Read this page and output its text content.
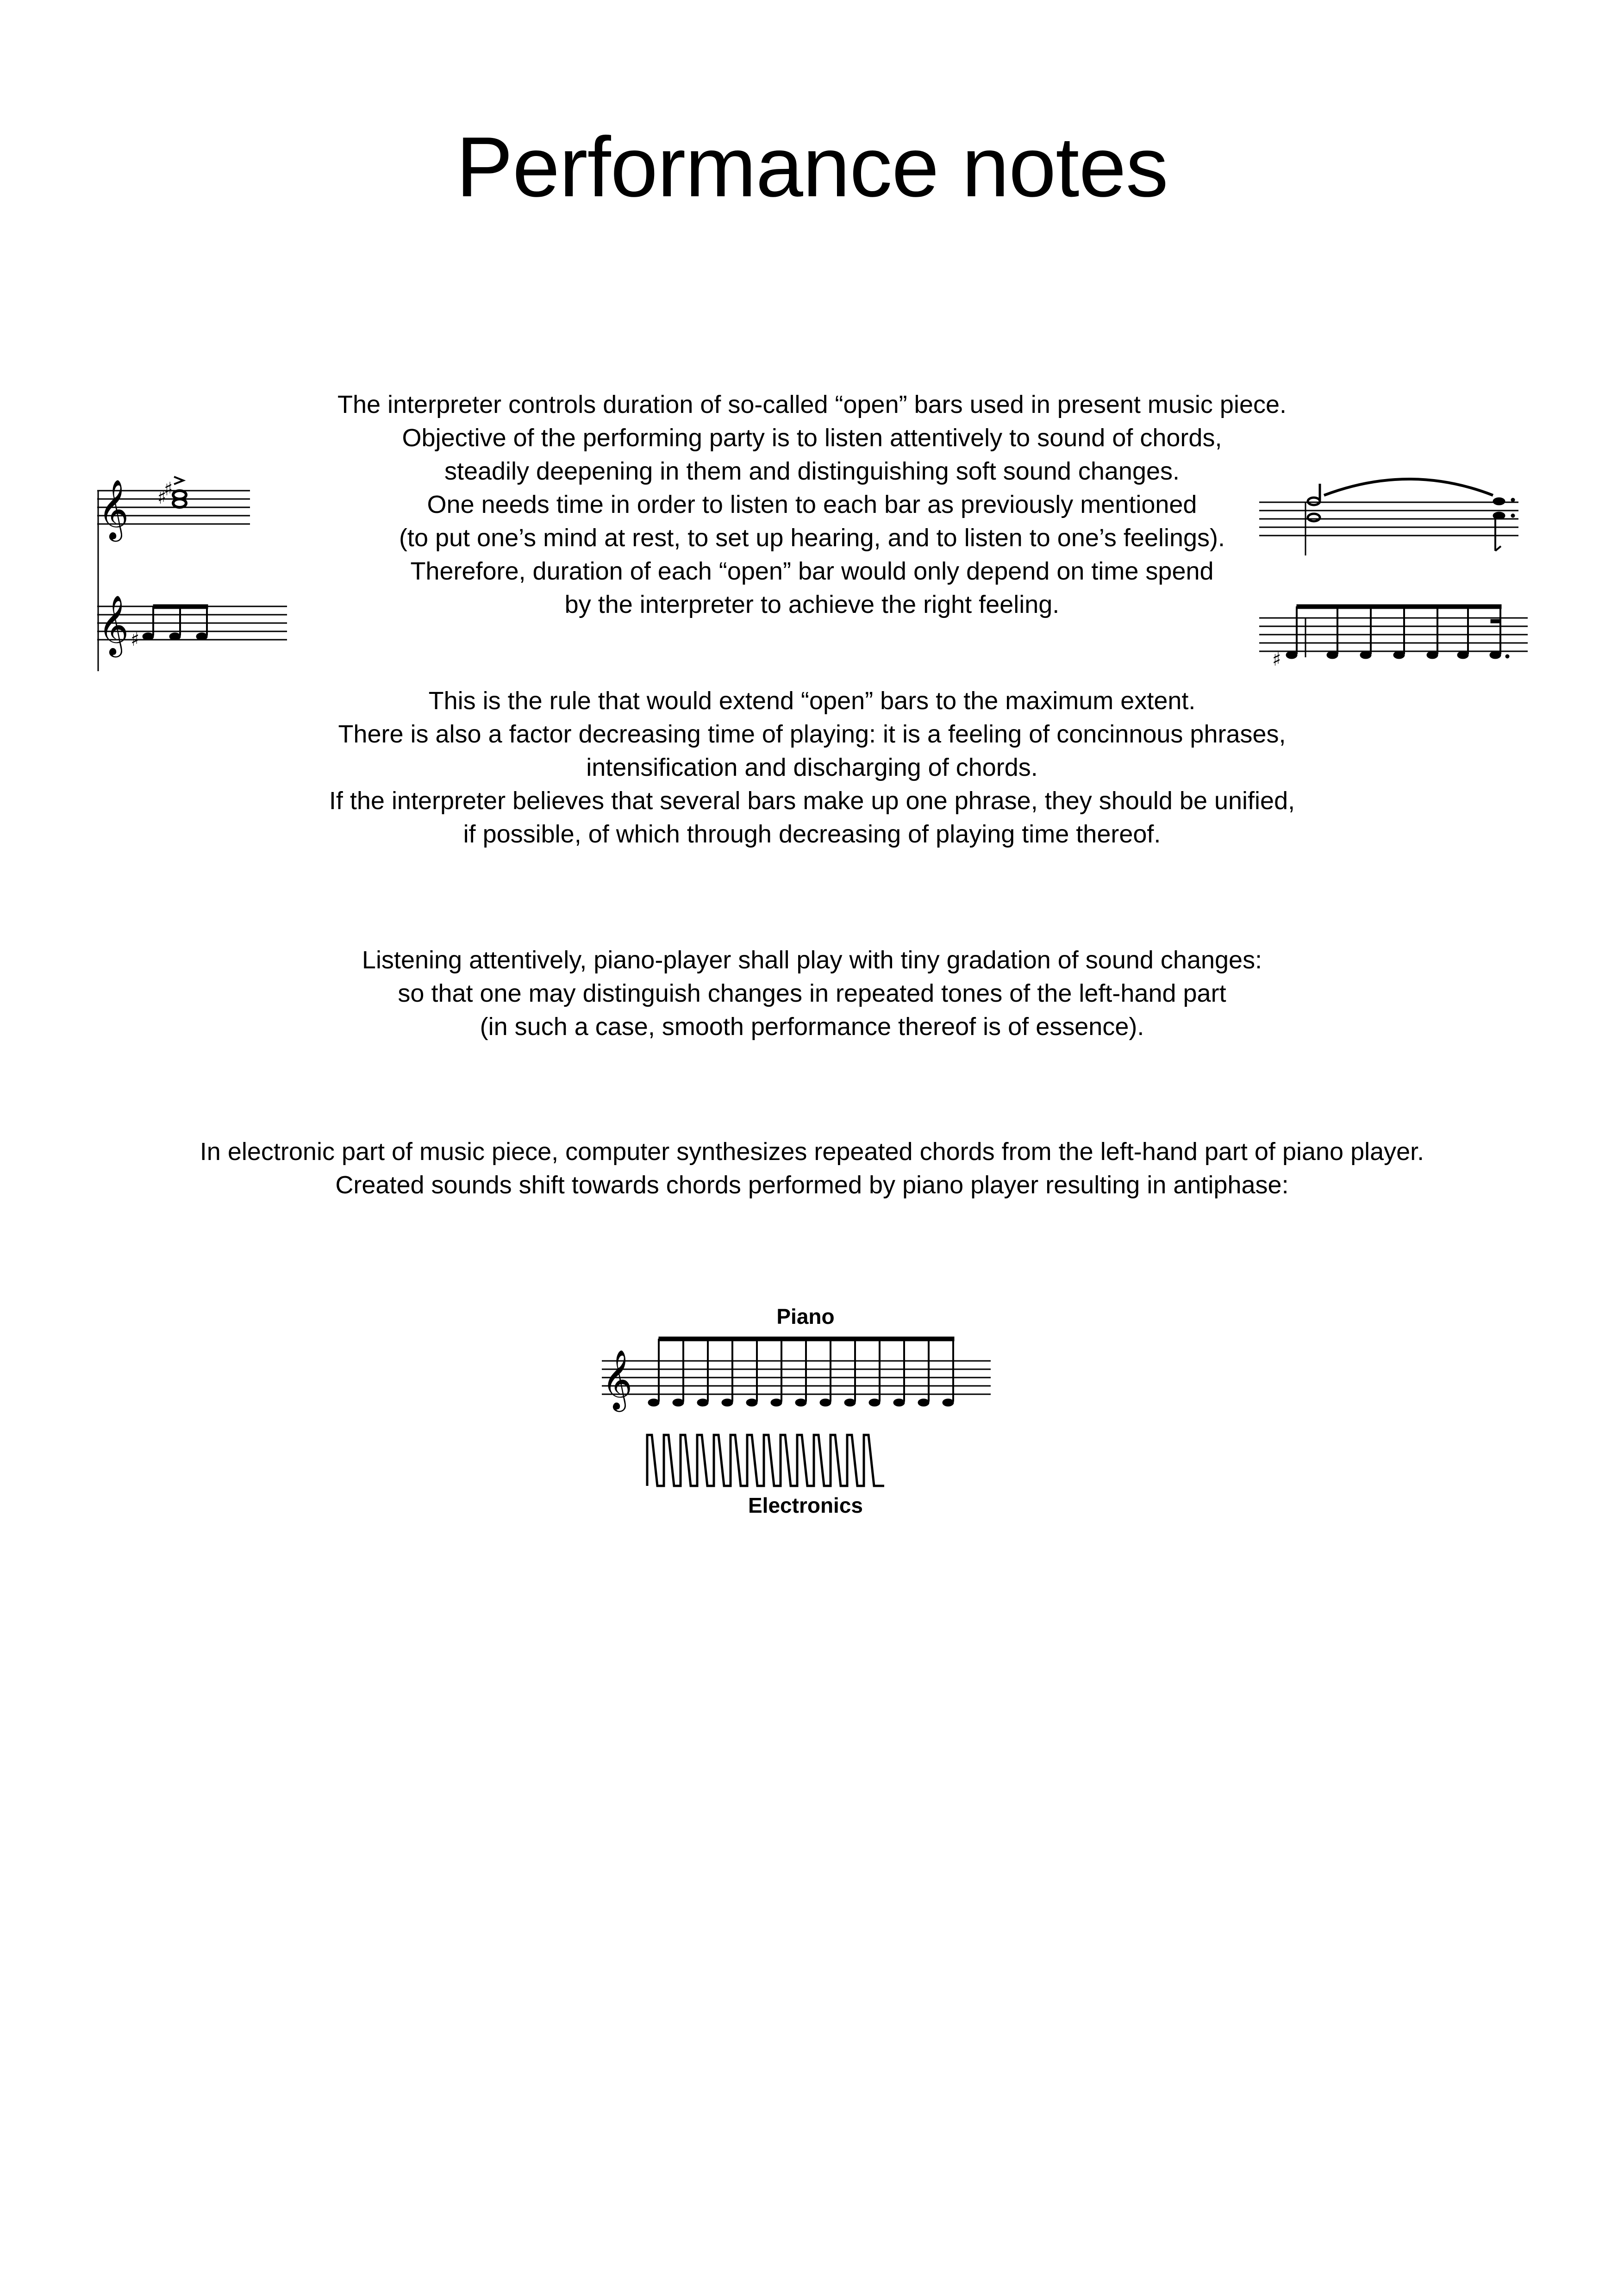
Performance notes
The interpreter controls duration of so-called “open” bars used in present music piece.
Objective of the performing party is to listen attentively to sound of chords,
steadily deepening in them and distinguishing soft sound changes.
One needs time in order to listen to each bar as previously mentioned
(to put one’s mind at rest, to set up hearing, and to listen to one’s feelings).
Therefore, duration of each “open” bar would only depend on time spend
by the interpreter to achieve the right feeling.
This is the rule that would extend “open” bars to the maximum extent.
There is also a factor decreasing time of playing: it is a feeling of concinnous phrases,
intensification and discharging of chords.
If the interpreter believes that several bars make up one phrase, they should be unified,
if possible, of which through decreasing of playing time thereof.
Listening attentively, piano-player shall play with tiny gradation of sound changes:
so that one may distinguish changes in repeated tones of the left-hand part
(in such a case, smooth performance thereof is of essence).
In electronic part of music piece, computer synthesizes repeated chords from the left-hand part of piano player.
Created sounds shift towards chords performed by piano player resulting in antiphase:
𝄞
𝄞
♯
♯
♯
♯
Piano
𝄞
Electronics
